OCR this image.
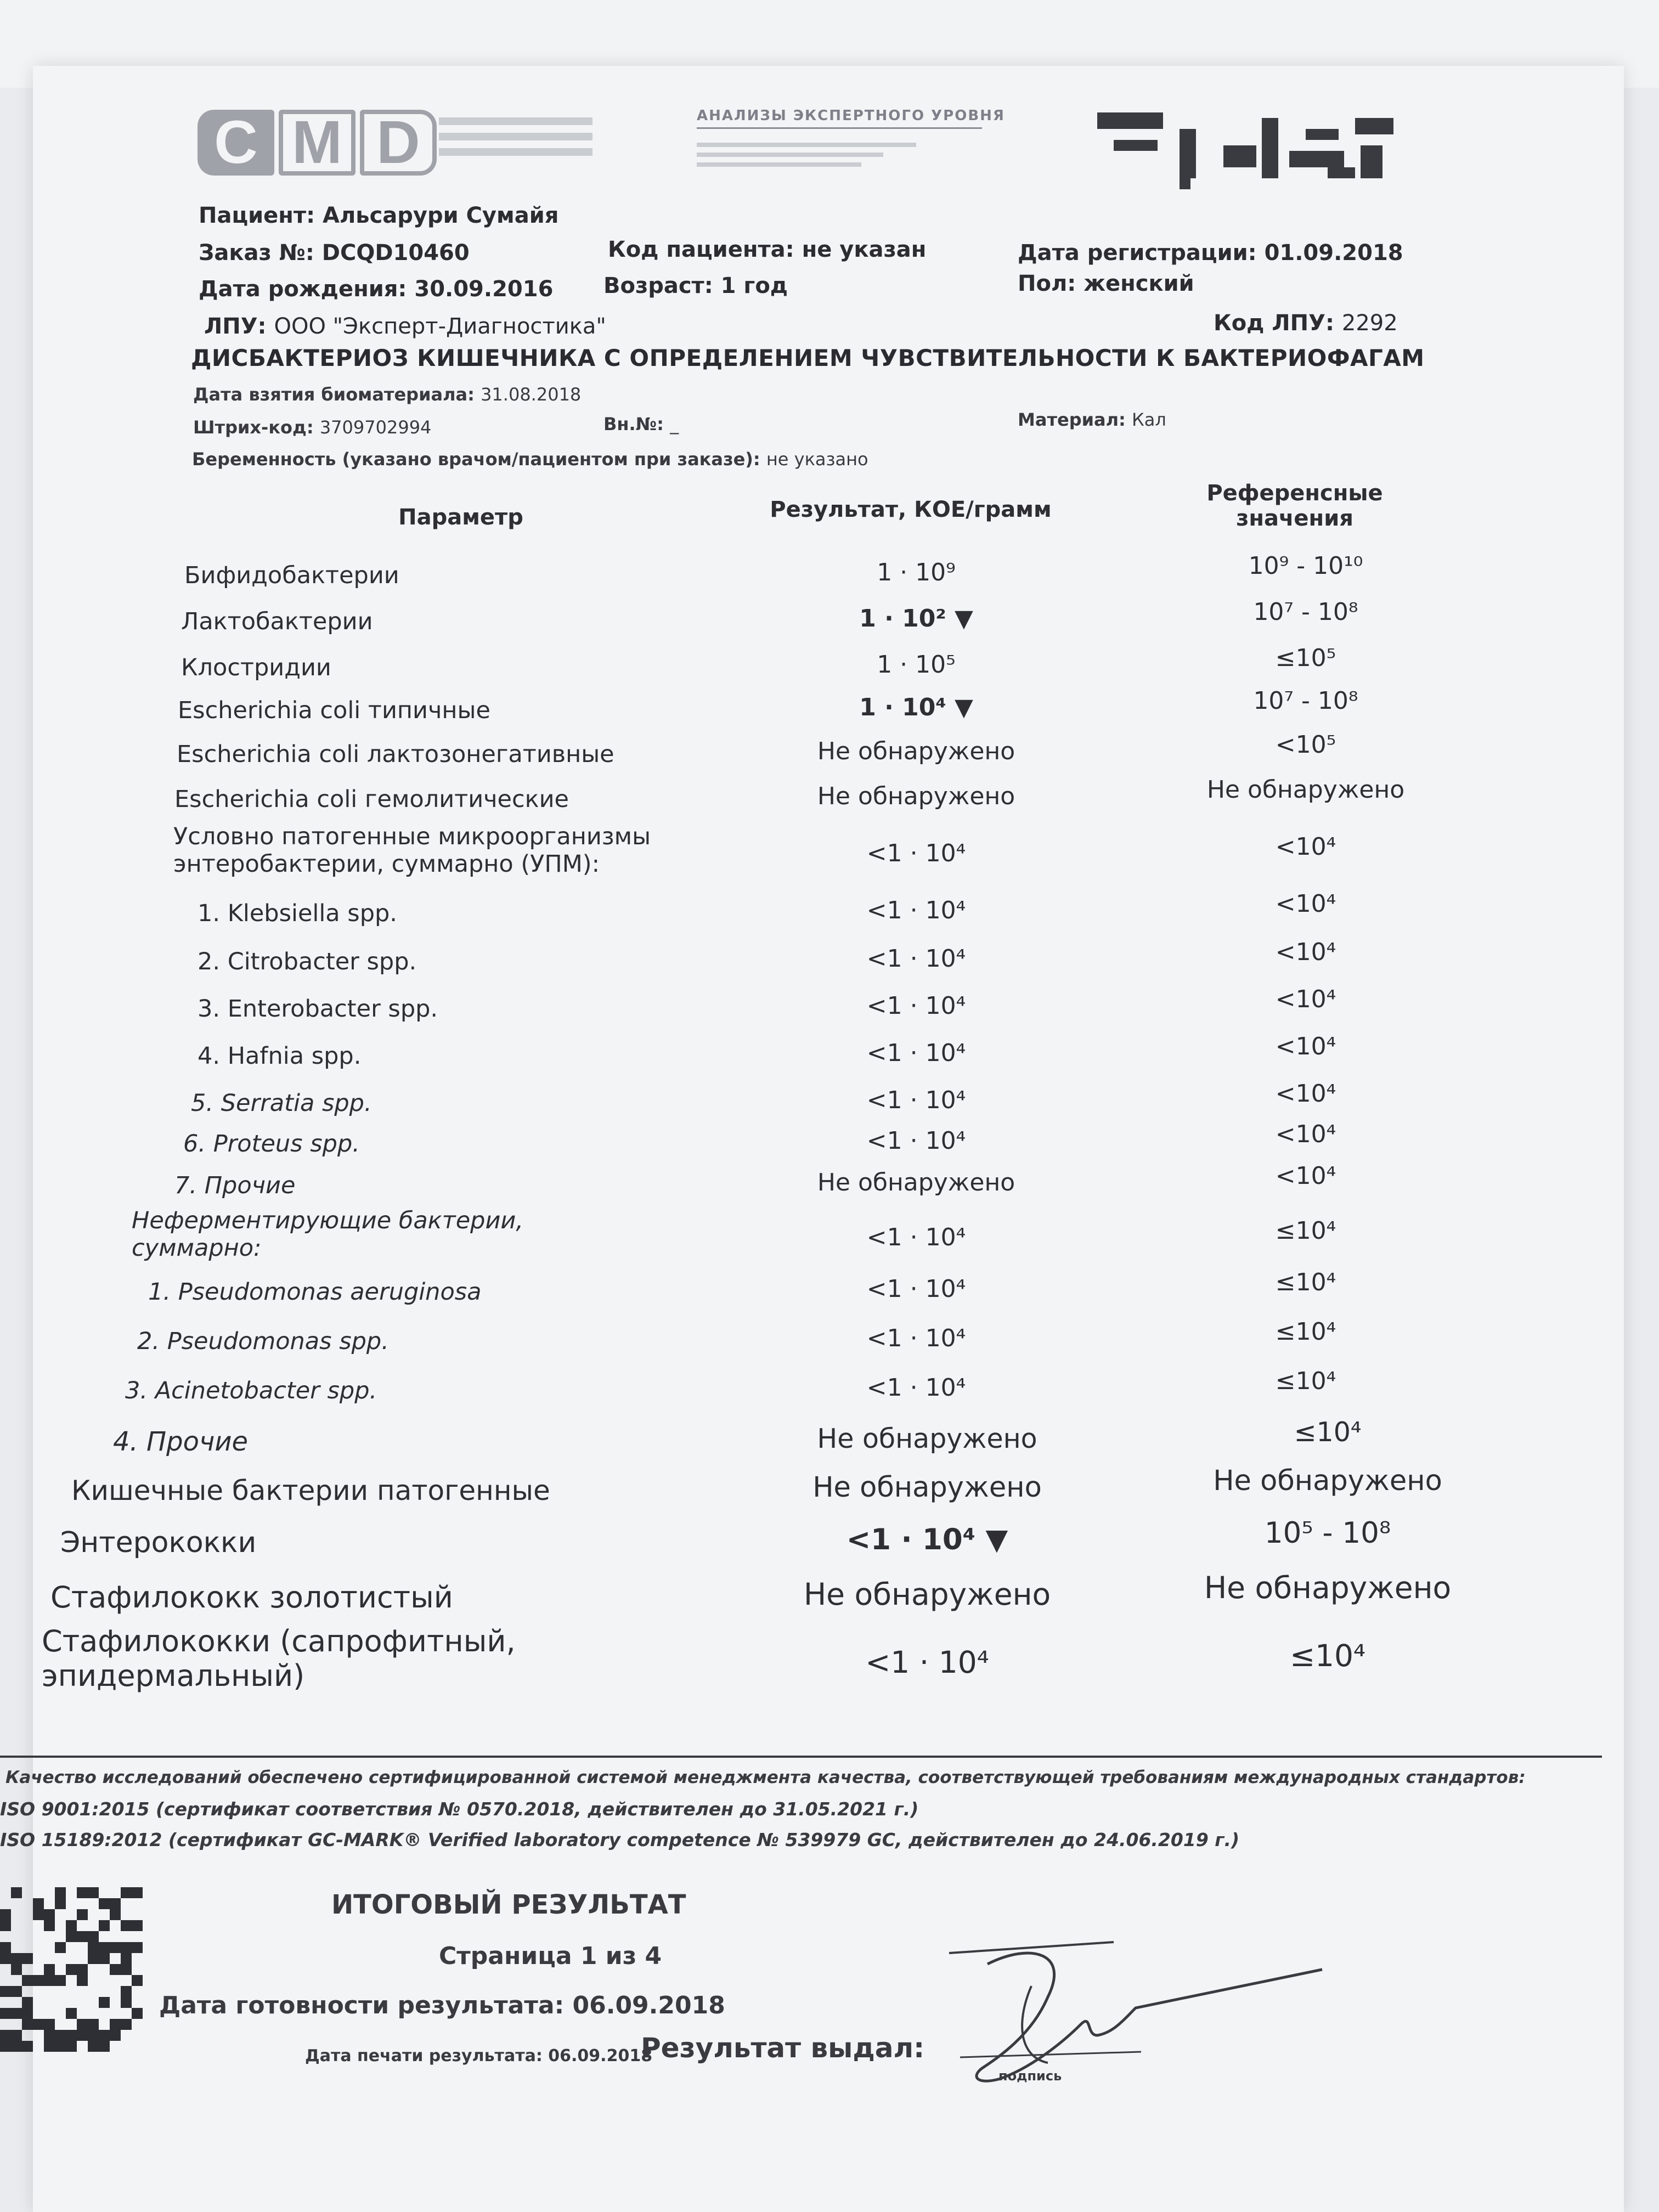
C M D	АНАЛИЗЫ ЭКСПЕРТНОГО УРОВНЯ
Пациент: Альсарури Сумайя
Заказ №: DCQD10460	Код пациента: не указан	Дата регистрации: 01.09.2018
Дата рождения: 30.09.2016 Возраст: 1 год	Пол: женский
ЛПУ: ООО "Эксперт-Диагностика"	Код ЛПУ: 2292
ДИСБАКТЕРИОЗ КИШЕЧНИКА С ОПРЕДЕЛЕНИЕМ ЧУВСТВИТЕЛЬНОСТИ К БАКТЕРИОФАГАМ
Дата взятия биоматериала: 31.08.2018
Штрих-код: 3709702994	Вн.№: _	Материал: Кал
Беременность (указано врачом/пациентом при заказе): не указано
Параметр	Результат, КОЕ/грамм
Референсные
значения
Бифидобактерии	1 · 10⁹	10⁹ - 10¹⁰
Лактобактерии	1 · 10² ▼	10⁷ - 10⁸
Клостридии	1 · 10⁵	≤10⁵
Escherichia coli типичные	1 · 10⁴ ▼	10⁷ - 10⁸
Escherichia coli лактозонегативные	Не обнаружено	<10⁵
Escherichia coli гемолитические	Не обнаружено	Не обнаружено
Условно патогенные микроорганизмы
энтеробактерии, суммарно (УПМ):	<1 · 10⁴	<10⁴
1. Klebsiella spp.	<1 · 10⁴	<10⁴
2. Citrobacter spp.	<1 · 10⁴	<10⁴
3. Enterobacter spp.	<1 · 10⁴	<10⁴
4. Hafnia spp.	<1 · 10⁴	<10⁴
5. Serratia spp.	<1 · 10⁴	<10⁴
6. Proteus spp.	<1 · 10⁴	<10⁴
7. Прочие	Не обнаружено	<10⁴
Неферментирующие бактерии,
суммарно:	<1 · 10⁴	≤10⁴
1. Pseudomonas aeruginosa	<1 · 10⁴	≤10⁴
2. Pseudomonas spp.	<1 · 10⁴	≤10⁴
3. Acinetobacter spp.	<1 · 10⁴	≤10⁴
4. Прочие	Не обнаружено	≤10⁴
Кишечные бактерии патогенные	Не обнаружено	Не обнаружено
Энтерококки	<1 · 10⁴ ▼	10⁵ - 10⁸
Стафилококк золотистый	Не обнаружено	Не обнаружено
Стафилококки (сапрофитный,
эпидермальный)	<1 · 10⁴	≤10⁴
Качество исследований обеспечено сертифицированной системой менеджмента качества, соответствующей требованиям международных стандартов:
ISO 9001:2015 (сертификат соответствия № 0570.2018, действителен до 31.05.2021 г.)
ISO 15189:2012 (сертификат GC-MARK® Verified laboratory competence № 539979 GC, действителен до 24.06.2019 г.)
ИТОГОВЫЙ РЕЗУЛЬТАТ
Страница 1 из 4
Дата готовности результата: 06.09.2018
Дата печати результата: 06.09.2018
Результат выдал:
подпись
